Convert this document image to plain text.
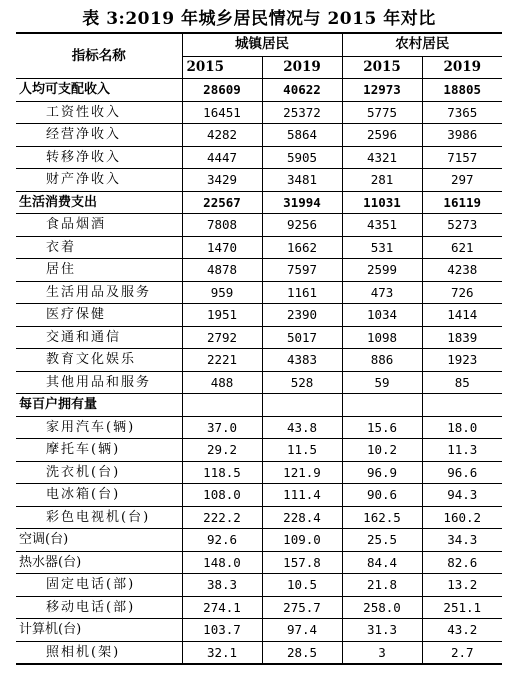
表 3:2019 年城乡居民情况与 2015 年对比
指标名称	城镇居民		农村居民	
	2015	2019	2015	2019
人均可支配收入	28609	40622	12973	18805
工资性收入	16451	25372	5775	7365
经营净收入	4282	5864	2596	3986
转移净收入	4447	5905	4321	7157
财产净收入	3429	3481	281	297
生活消费支出	22567	31994	11031	16119
食品烟酒	7808	9256	4351	5273
衣着	1470	1662	531	621
居住	4878	7597	2599	4238
生活用品及服务	959	1161	473	726
医疗保健	1951	2390	1034	1414
交通和通信	2792	5017	1098	1839
教育文化娱乐	2221	4383	886	1923
其他用品和服务	488	528	59	85
每百户拥有量				
家用汽车(辆)	37.0	43.8	15.6	18.0
摩托车(辆)	29.2	11.5	10.2	11.3
洗衣机(台)	118.5	121.9	96.9	96.6
电冰箱(台)	108.0	111.4	90.6	94.3
彩色电视机(台)	222.2	228.4	162.5	160.2
空调(台)	92.6	109.0	25.5	34.3
热水器(台)	148.0	157.8	84.4	82.6
固定电话(部)	38.3	10.5	21.8	13.2
移动电话(部)	274.1	275.7	258.0	251.1
计算机(台)	103.7	97.4	31.3	43.2
照相机(架)	32.1	28.5	3	2.7
